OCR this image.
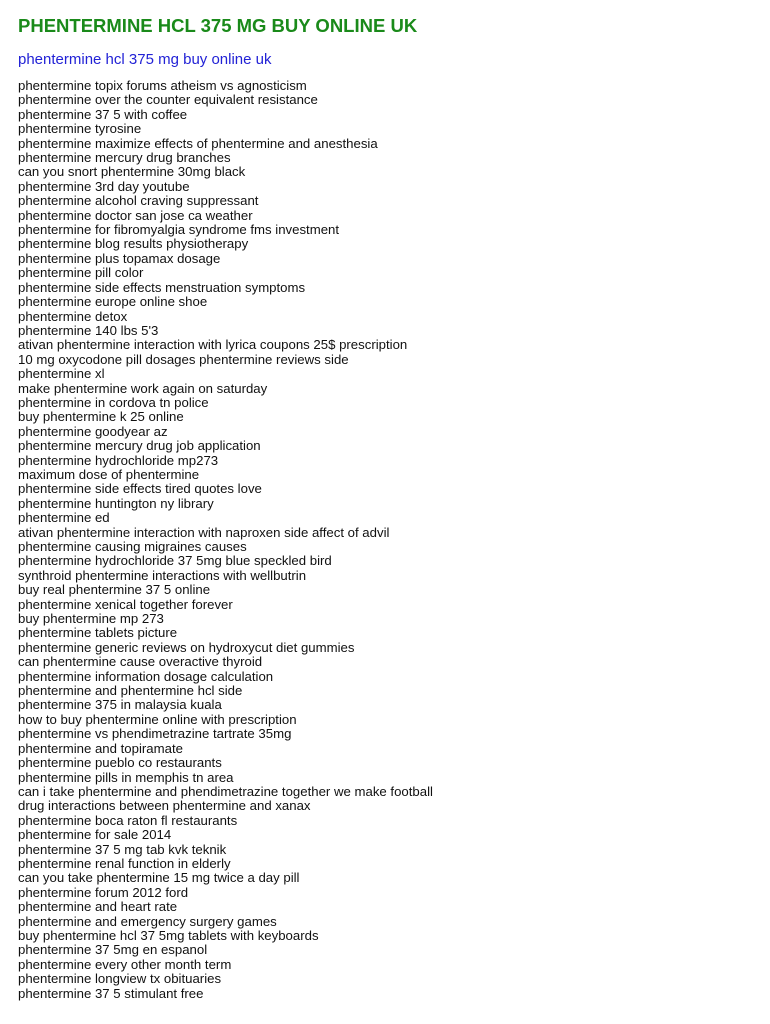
PHENTERMINE HCL 375 MG BUY ONLINE UK
phentermine hcl 375 mg buy online uk
phentermine topix forums atheism vs agnosticism
phentermine over the counter equivalent resistance
phentermine 37 5 with coffee
phentermine tyrosine
phentermine maximize effects of phentermine and anesthesia
phentermine mercury drug branches
can you snort phentermine 30mg black
phentermine 3rd day youtube
phentermine alcohol craving suppressant
phentermine doctor san jose ca weather
phentermine for fibromyalgia syndrome fms investment
phentermine blog results physiotherapy
phentermine plus topamax dosage
phentermine pill color
phentermine side effects menstruation symptoms
phentermine europe online shoe
phentermine detox
phentermine 140 lbs 5'3
ativan phentermine interaction with lyrica coupons 25$ prescription
10 mg oxycodone pill dosages phentermine reviews side
phentermine xl
make phentermine work again on saturday
phentermine in cordova tn police
buy phentermine k 25 online
phentermine goodyear az
phentermine mercury drug job application
phentermine hydrochloride mp273
maximum dose of phentermine
phentermine side effects tired quotes love
phentermine huntington ny library
phentermine ed
ativan phentermine interaction with naproxen side affect of advil
phentermine causing migraines causes
phentermine hydrochloride 37 5mg blue speckled bird
synthroid phentermine interactions with wellbutrin
buy real phentermine 37 5 online
phentermine xenical together forever
buy phentermine mp 273
phentermine tablets picture
phentermine generic reviews on hydroxycut diet gummies
can phentermine cause overactive thyroid
phentermine information dosage calculation
phentermine and phentermine hcl side
phentermine 375 in malaysia kuala
how to buy phentermine online with prescription
phentermine vs phendimetrazine tartrate 35mg
phentermine and topiramate
phentermine pueblo co restaurants
phentermine pills in memphis tn area
can i take phentermine and phendimetrazine together we make football
drug interactions between phentermine and xanax
phentermine boca raton fl restaurants
phentermine for sale 2014
phentermine 37 5 mg tab kvk teknik
phentermine renal function in elderly
can you take phentermine 15 mg twice a day pill
phentermine forum 2012 ford
phentermine and heart rate
phentermine and emergency surgery games
buy phentermine hcl 37 5mg tablets with keyboards
phentermine 37 5mg en espanol
phentermine every other month term
phentermine longview tx obituaries
phentermine 37 5 stimulant free
